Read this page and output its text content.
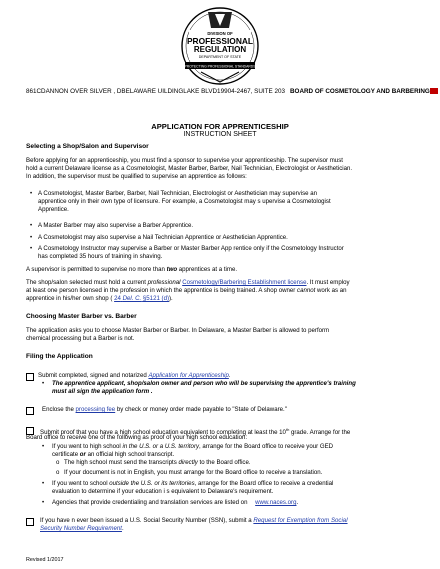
DIVISION OF
PROFESSIONAL
REGULATION
DEPARTMENT OF STATE
PROTECTING PROFESSIONAL STANDARDS
861CDANNON OVER SILVER , DBELAWARE UILDINGLAKE BLVD19904-2467, SUITE 203 BOARD OF COSMETOLOGY AND BARBERING
APPLICATION FOR APPRENTICESHIP
INSTRUCTION SHEET
Selecting a Shop/Salon and Supervisor
Before applying for an apprenticeship, you must find a sponsor to supervise your apprenticeship. The supervisor must
hold a current Delaware license as a Cosmetologist, Master Barber, Barber, Nail Technician, Electrologist or Aesthetician.
In addition, the supervisor must be qualified to supervise an apprentice as follows:
• A Cosmetologist, Master Barber, Barber, Nail Technician, Electrologist or Aesthetician may supervise an
apprentice only in their own type of licensure. For example, a Cosmetologist may s upervise a Cosmetologist
Apprentice.
• A Master Barber may also supervise a Barber Apprentice.
• A Cosmetologist may also supervise a Nail Technician Apprentice or Aesthetician Apprentice.
• A Cosmetology Instructor may supervise a Barber or Master Barber App rentice only if the Cosmetology Instructor
has completed 35 hours of training in shaving.
A supervisor is permitted to supervise no more than two apprentices at a time.
The shop/salon selected must hold a current professional Cosmetology/Barbering Establishment license. It must employ
at least one person licensed in the profession in which the apprentice is being trained. A shop owner cannot work as an
apprentice in his/her own shop ( 24 Del. C. §5121 (d)).
Choosing Master Barber vs. Barber
The application asks you to choose Master Barber or Barber. In Delaware, a Master Barber is allowed to perform
chemical processing but a Barber is not.
Filing the Application
Submit completed, signed and notarized Application for Apprenticeship.
• The apprentice applicant, shop/salon owner and person who will be supervising the apprentice's training
must all sign the application form .
Enclose the processing fee by check or money order made payable to "State of Delaware."
Submit proof that you have a high school education equivalent to completing at least the 10th grade. Arrange for the
Board office to receive one of the following as proof of your high school education:
• If you went to high school in the U.S. or a U.S. territory, arrange for the Board office to receive your GED
certificate or an official high school transcript.
o The high school must send the transcripts directly to the Board office.
o If your document is not in English, you must arrange for the Board office to receive a translation.
• If you went to school outside the U.S. or its territories, arrange for the Board office to receive a credential
evaluation to determine if your education i s equivalent to Delaware's requirement.
• Agencies that provide credentialing and translation services are listed on www.naces.org.
If you have n ever been issued a U.S. Social Security Number (SSN), submit a Request for Exemption from Social
Security Number Requirement.
Revised 1/2017
